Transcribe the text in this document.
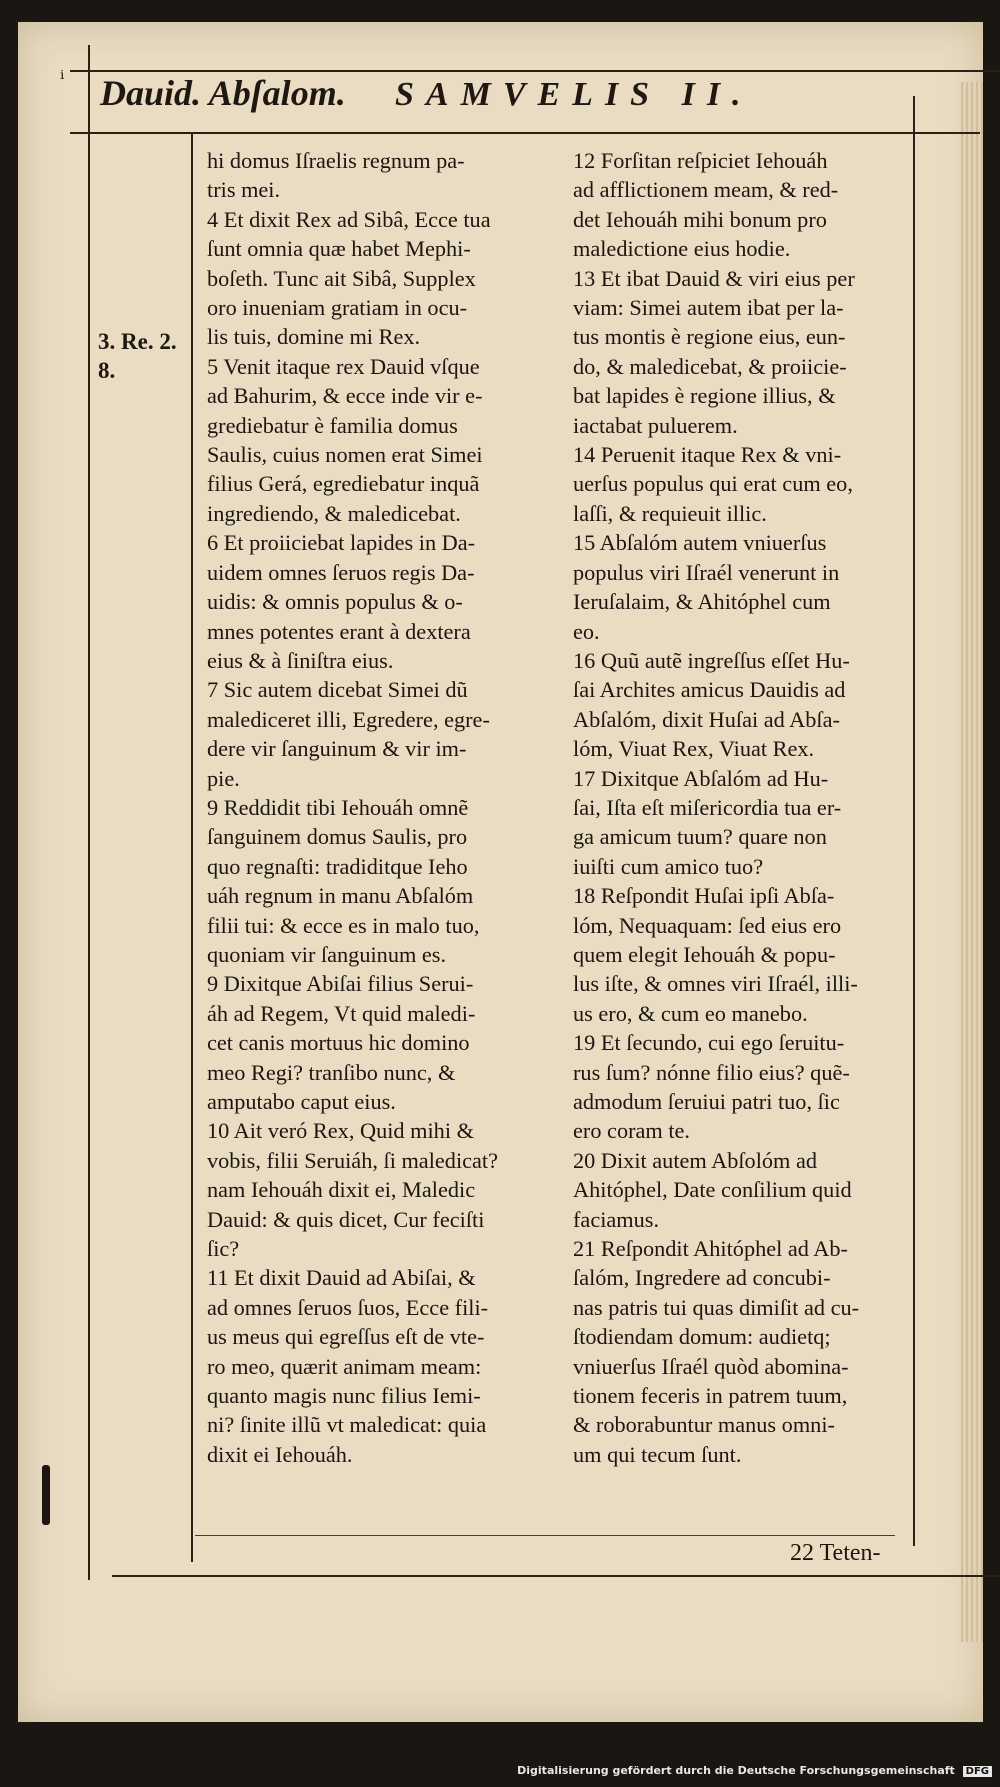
ᵢ
Dauid. Abſalom. SAMVELIS II.
3. Re. 2.
8.
hi domus Iſraelis regnum pa-
tris mei.
4 Et dixit Rex ad Sibâ, Ecce tua
ſunt omnia quæ habet Mephi-
boſeth. Tunc ait Sibâ, Supplex
oro inueniam gratiam in ocu-
lis tuis, domine mi Rex.
5 Venit itaque rex Dauid vſque
ad Bahurim, & ecce inde vir e-
grediebatur è familia domus
Saulis, cuius nomen erat Simei
filius Gerá, egrediebatur inquã
ingrediendo, & maledicebat.
6 Et proiiciebat lapides in Da-
uidem omnes ſeruos regis Da-
uidis: & omnis populus & o-
mnes potentes erant à dextera
eius & à ſiniſtra eius.
7 Sic autem dicebat Simei dũ
malediceret illi, Egredere, egre-
dere vir ſanguinum & vir im-
pie.
9 Reddidit tibi Iehouáh omnẽ
ſanguinem domus Saulis, pro
quo regnaſti: tradiditque Ieho
uáh regnum in manu Abſalóm
filii tui: & ecce es in malo tuo,
quoniam vir ſanguinum es.
9 Dixitque Abiſai filius Serui-
áh ad Regem, Vt quid maledi-
cet canis mortuus hic domino
meo Regi? tranſibo nunc, &
amputabo caput eius.
10 Ait veró Rex, Quid mihi &
vobis, filii Seruiáh, ſi maledicat?
nam Iehouáh dixit ei, Maledic
Dauid: & quis dicet, Cur feciſti
ſic?
11 Et dixit Dauid ad Abiſai, &
ad omnes ſeruos ſuos, Ecce fili-
us meus qui egreſſus eſt de vte-
ro meo, quærit animam meam:
quanto magis nunc filius Iemi-
ni? ſinite illũ vt maledicat: quia
dixit ei Iehouáh.
12 Forſitan reſpiciet Iehouáh
ad afflictionem meam, & red-
det Iehouáh mihi bonum pro
maledictione eius hodie.
13 Et ibat Dauid & viri eius per
viam: Simei autem ibat per la-
tus montis è regione eius, eun-
do, & maledicebat, & proiicie-
bat lapides è regione illius, &
iactabat puluerem.
14 Peruenit itaque Rex & vni-
uerſus populus qui erat cum eo,
laſſi, & requieuit illic.
15 Abſalóm autem vniuerſus
populus viri Iſraél venerunt in
Ieruſalaim, & Ahitóphel cum
eo.
16 Quũ autẽ ingreſſus eſſet Hu-
ſai Archites amicus Dauidis ad
Abſalóm, dixit Huſai ad Abſa-
lóm, Viuat Rex, Viuat Rex.
17 Dixitque Abſalóm ad Hu-
ſai, Iſta eſt miſericordia tua er-
ga amicum tuum? quare non
iuiſti cum amico tuo?
18 Reſpondit Huſai ipſi Abſa-
lóm, Nequaquam: ſed eius ero
quem elegit Iehouáh & popu-
lus iſte, & omnes viri Iſraél, illi-
us ero, & cum eo manebo.
19 Et ſecundo, cui ego ſeruitu-
rus ſum? nónne filio eius? quẽ-
admodum ſeruiui patri tuo, ſic
ero coram te.
20 Dixit autem Abſolóm ad
Ahitóphel, Date conſilium quid
faciamus.
21 Reſpondit Ahitóphel ad Ab-
ſalóm, Ingredere ad concubi-
nas patris tui quas dimiſit ad cu-
ſtodiendam domum: audietq;
vniuerſus Iſraél quòd abomina-
tionem feceris in patrem tuum,
& roborabuntur manus omni-
um qui tecum ſunt.
22 Teten-
Digitalisierung gefördert durch die Deutsche Forschungsgemeinschaft DFG
